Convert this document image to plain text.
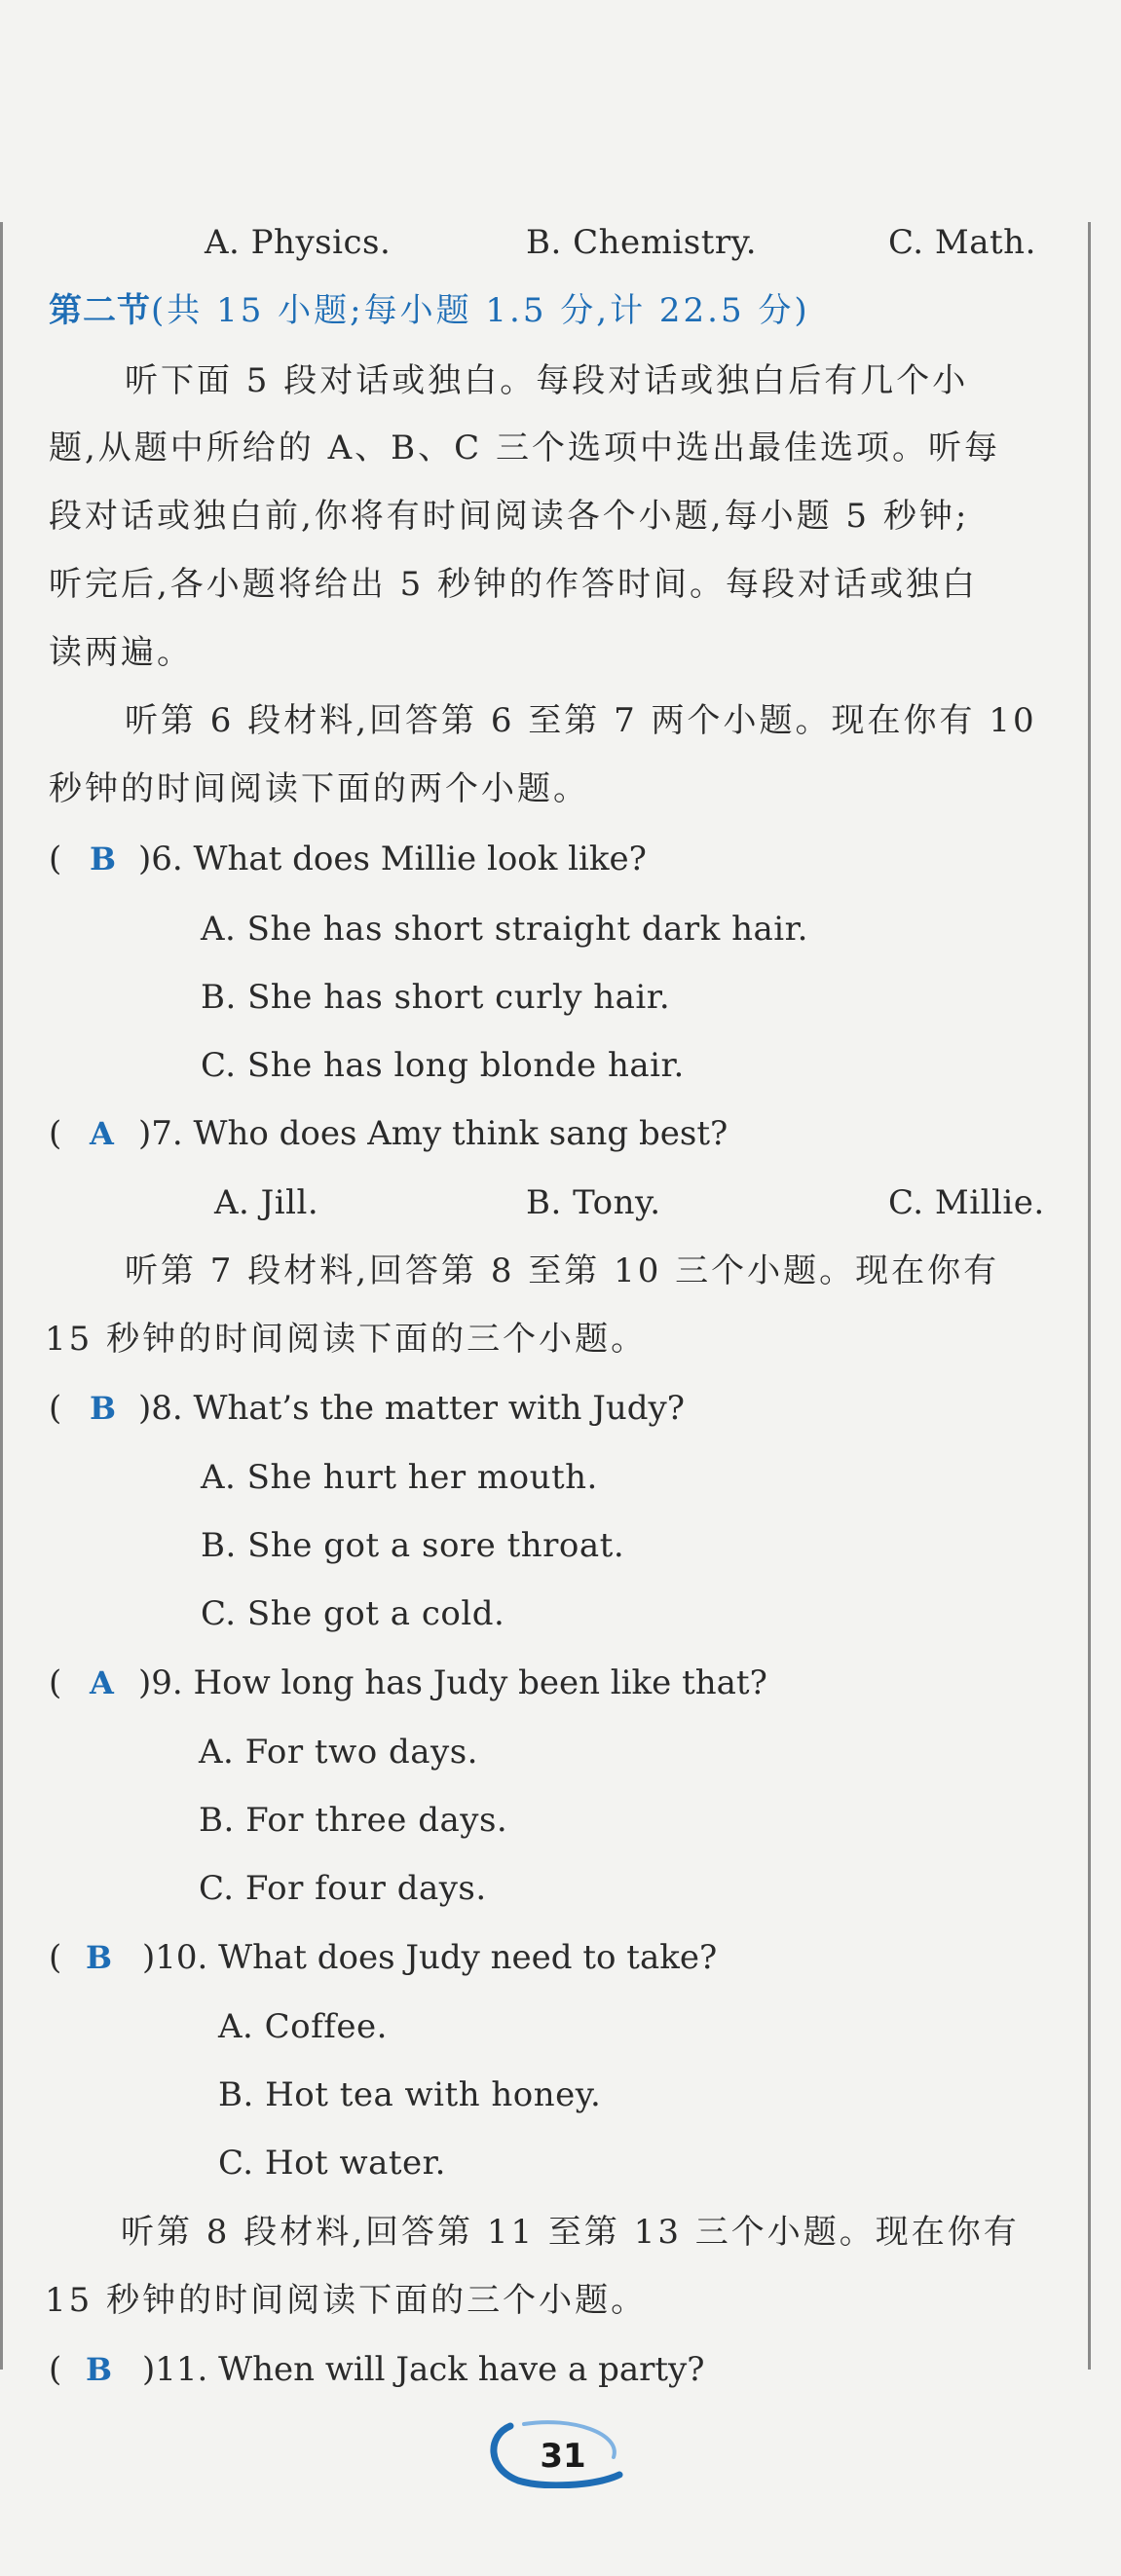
A. Physics.	B. Chemistry.	C. Math.
第二节(共 15 小题;每小题 1.5 分,计 22.5 分)
听下面 5 段对话或独白。每段对话或独白后有几个小
题,从题中所给的 A、B、C 三个选项中选出最佳选项。听每
段对话或独白前,你将有时间阅读各个小题,每小题 5 秒钟;
听完后,各小题将给出 5 秒钟的作答时间。每段对话或独白
读两遍。
听第 6 段材料,回答第 6 至第 7 两个小题。现在你有 10
秒钟的时间阅读下面的两个小题。
( B )6. What does Millie look like?
A. She has short straight dark hair.
B. She has short curly hair.
C. She has long blonde hair.
( A )7. Who does Amy think sang best?
A. Jill.	B. Tony.	C. Millie.
听第 7 段材料,回答第 8 至第 10 三个小题。现在你有
15 秒钟的时间阅读下面的三个小题。
( B )8. What’s the matter with Judy?
A. She hurt her mouth.
B. She got a sore throat.
C. She got a cold.
( A )9. How long has Judy been like that?
A. For two days.
B. For three days.
C. For four days.
( B )10. What does Judy need to take?
A. Coffee.
B. Hot tea with honey.
C. Hot water.
听第 8 段材料,回答第 11 至第 13 三个小题。现在你有
15 秒钟的时间阅读下面的三个小题。
( B )11. When will Jack have a party?
31
